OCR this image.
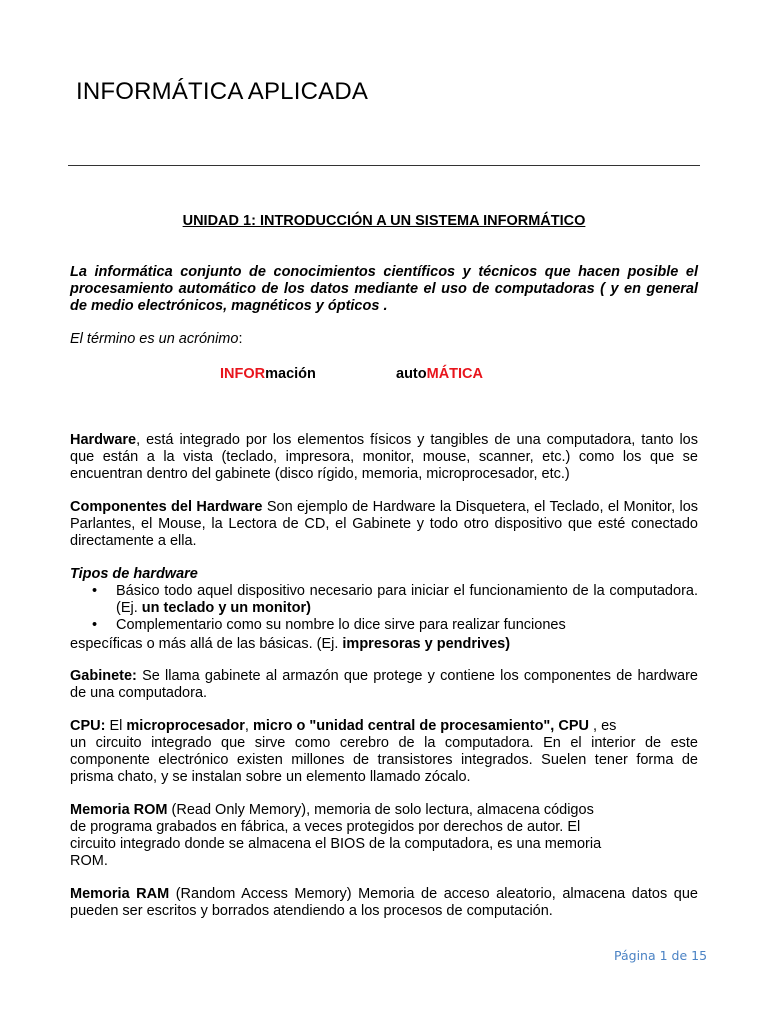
INFORMÁTICA APLICADA
UNIDAD 1: INTRODUCCIÓN A UN SISTEMA INFORMÁTICO
La informática conjunto de conocimientos científicos y técnicos que hacen posible el procesamiento automático de los datos mediante el uso de computadoras ( y en general de medio electrónicos, magnéticos y ópticos .
El término es un acrónimo:
INFORmación	autoMÁTICA
Hardware, está integrado por los elementos físicos y tangibles de una computadora, tanto los que están a la vista (teclado, impresora, monitor, mouse, scanner, etc.) como los que se encuentran dentro del gabinete (disco rígido, memoria, microprocesador, etc.)
Componentes del Hardware Son ejemplo de Hardware la Disquetera, el Teclado, el Monitor, los Parlantes, el Mouse, la Lectora de CD, el Gabinete y todo otro dispositivo que esté conectado directamente a ella.
Tipos de hardware
• Básico todo aquel dispositivo necesario para iniciar el funcionamiento de la computadora. (Ej. un teclado y un monitor)
• Complementario como su nombre lo dice sirve para realizar funciones
específicas o más allá de las básicas. (Ej. impresoras y pendrives)
Gabinete: Se llama gabinete al armazón que protege y contiene los componentes de hardware de una computadora.
CPU: El microprocesador, micro o "unidad central de procesamiento", CPU , es
un circuito integrado que sirve como cerebro de la computadora. En el interior de este componente electrónico existen millones de transistores integrados. Suelen tener forma de prisma chato, y se instalan sobre un elemento llamado zócalo.
Memoria ROM (Read Only Memory), memoria de solo lectura, almacena códigos
de programa grabados en fábrica, a veces protegidos por derechos de autor. El
circuito integrado donde se almacena el BIOS de la computadora, es una memoria
ROM.
Memoria RAM (Random Access Memory) Memoria de acceso aleatorio, almacena datos que pueden ser escritos y borrados atendiendo a los procesos de computación.
Página 1 de 15
